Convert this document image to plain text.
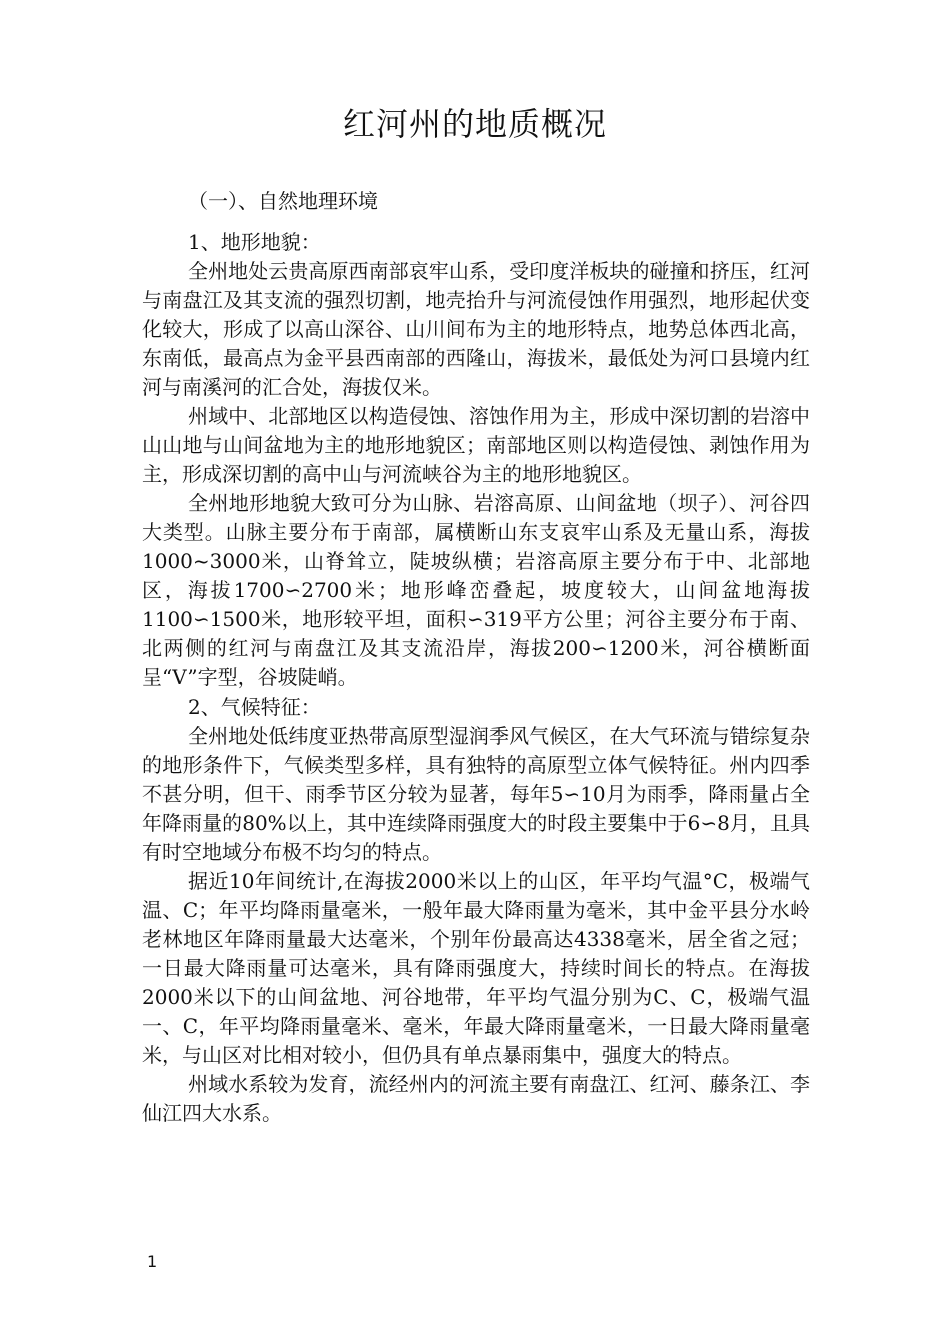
红河州的地质概况

（一）、自然地理环境

1、地形地貌：

全州地处云贵高原西南部哀牢山系，受印度洋板块的碰撞和挤压，红河与南盘江及其支流的强烈切割，地壳抬升与河流侵蚀作用强烈，地形起伏变化较大，形成了以高山深谷、山川间布为主的地形特点，地势总体西北高，东南低，最高点为金平县西南部的西隆山，海拔米，最低处为河口县境内红河与南溪河的汇合处，海拔仅米。

州域中、北部地区以构造侵蚀、溶蚀作用为主，形成中深切割的岩溶中山山地与山间盆地为主的地形地貌区；南部地区则以构造侵蚀、剥蚀作用为主，形成深切割的高中山与河流峡谷为主的地形地貌区。

全州地形地貌大致可分为山脉、岩溶高原、山间盆地（坝子）、河谷四大类型。山脉主要分布于南部，属横断山东支哀牢山系及无量山系，海拔1000~3000米，山脊耸立，陡坡纵横；岩溶高原主要分布于中、北部地区，海拔1700∽2700米；地形峰峦叠起，坡度较大，山间盆地海拔1100∽1500米，地形较平坦，面积∽319平方公里；河谷主要分布于南、北两侧的红河与南盘江及其支流沿岸，海拔200∽1200米，河谷横断面呈“V”字型，谷坡陡峭。

2、气候特征：

全州地处低纬度亚热带高原型湿润季风气候区，在大气环流与错综复杂的地形条件下，气候类型多样，具有独特的高原型立体气候特征。州内四季不甚分明，但干、雨季节区分较为显著，每年5∽10月为雨季，降雨量占全年降雨量的80%以上，其中连续降雨强度大的时段主要集中于6∽8月，且具有时空地域分布极不均匀的特点。

据近10年间统计,在海拔2000米以上的山区，年平均气温°C，极端气温、C；年平均降雨量毫米，一般年最大降雨量为毫米，其中金平县分水岭老林地区年降雨量最大达毫米，个别年份最高达4338毫米，居全省之冠；一日最大降雨量可达毫米，具有降雨强度大，持续时间长的特点。在海拔2000米以下的山间盆地、河谷地带，年平均气温分别为C、C，极端气温一、C，年平均降雨量毫米、毫米，年最大降雨量毫米，一日最大降雨量毫米，与山区对比相对较小，但仍具有单点暴雨集中，强度大的特点。

州域水系较为发育，流经州内的河流主要有南盘江、红河、藤条江、李仙江四大水系。

1
